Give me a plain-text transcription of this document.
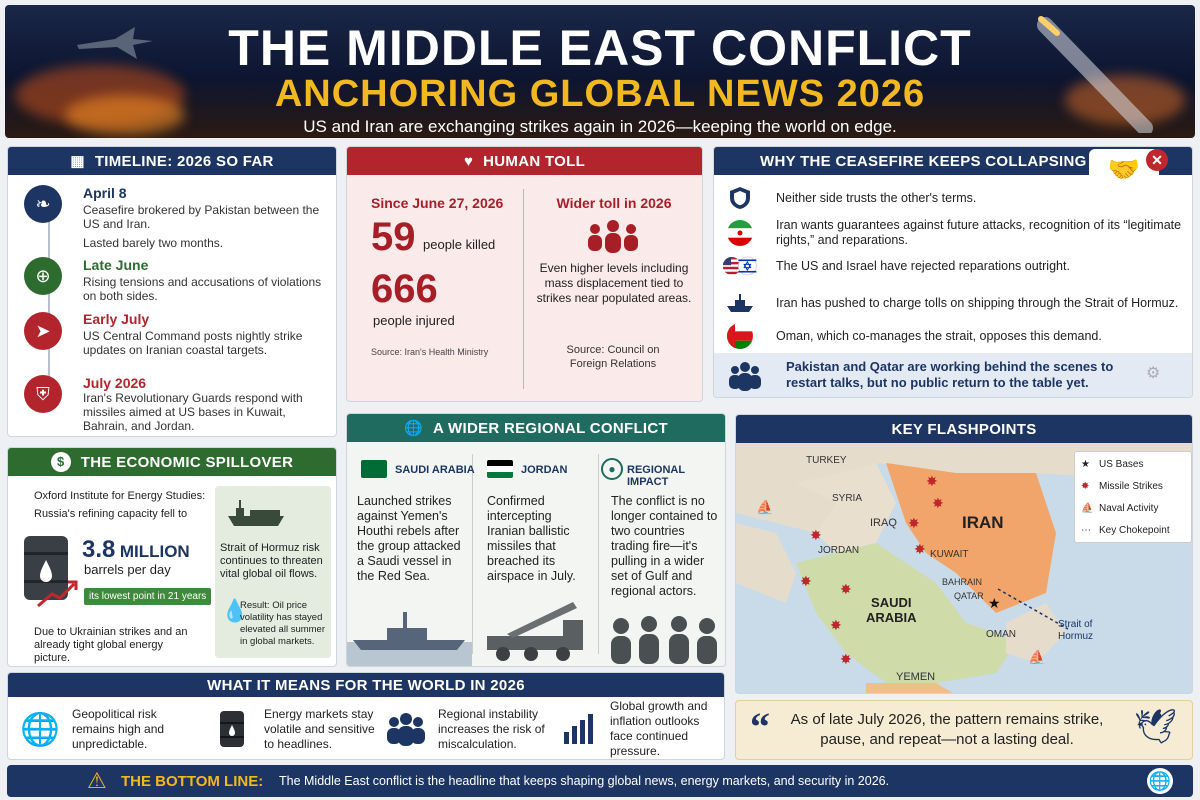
THE MIDDLE EAST CONFLICT
ANCHORING GLOBAL NEWS 2026
US and Iran are exchanging strikes again in 2026—keeping the world on edge.
▦ TIMELINE: 2026 SO FAR
❧
April 8
Ceasefire brokered by Pakistan between the US and Iran.
Lasted barely two months.
⊕
Late June
Rising tensions and accusations of violations on both sides.
➤
Early July
US Central Command posts nightly strike updates on Iranian coastal targets.
⛨
July 2026
Iran's Revolutionary Guards respond with missiles aimed at US bases in Kuwait, Bahrain, and Jordan.
♥ HUMAN TOLL
Since June 27, 2026
59 people killed
666
people injured
Source: Iran's Health Ministry
Wider toll in 2026
Even higher levels including mass displacement tied to strikes near populated areas.
Source: Council on Foreign Relations
WHY THE CEASEFIRE KEEPS COLLAPSING 🤝 ✕
Neither side trusts the other's terms.
Iran wants guarantees against future attacks, recognition of its “legitimate rights,” and reparations.
The US and Israel have rejected reparations outright.
Iran has pushed to charge tolls on shipping through the Strait of Hormuz.
Oman, which co-manages the strait, opposes this demand.
Pakistan and Qatar are working behind the scenes to restart talks, but no public return to the table yet.
⚙
$	THE ECONOMIC SPILLOVER
Oxford Institute for Energy Studies:
Russia's refining capacity fell to
3.8 MILLION
barrels per day
its lowest point in 21 years
Due to Ukrainian strikes and an already tight global energy picture.
Strait of Hormuz risk continues to threaten vital global oil flows.
💧
Result: Oil price volatility has stayed elevated all summer in global markets.
🌐 A WIDER REGIONAL CONFLICT
SAUDI ARABIA
Launched strikes against Yemen's Houthi rebels after the group attacked a Saudi vessel in the Red Sea.
JORDAN
Confirmed intercepting Iranian ballistic missiles that breached its airspace in July.
●	REGIONAL IMPACT
The conflict is no longer contained to two countries trading fire—it's pulling in a wider set of Gulf and regional actors.
KEY FLASHPOINTS
TURKEY
SYRIA
IRAQ	IRAN
JORDAN	KUWAIT
BAHRAIN
QATAR
SAUDI
ARABIA
OMAN
YEMEN
Strait of
Hormuz
✸
✸
✸
✸
✸
✸ ✸
✸
✸
★
⛵
⛵
★ US Bases
✸ Missile Strikes
⛵ Naval Activity
⋯ Key Chokepoint
WHAT IT MEANS FOR THE WORLD IN 2026
🌐 Geopolitical risk remains high and unpredictable.
Energy markets stay volatile and sensitive to headlines.
Regional instability increases the risk of miscalculation.
Global growth and inflation outlooks face continued pressure.
“	As of late July 2026, the pattern remains strike, pause, and repeat—not a lasting deal.	🕊
⚠ THE BOTTOM LINE: The Middle East conflict is the headline that keeps shaping global news, energy markets, and security in 2026.	🌐
